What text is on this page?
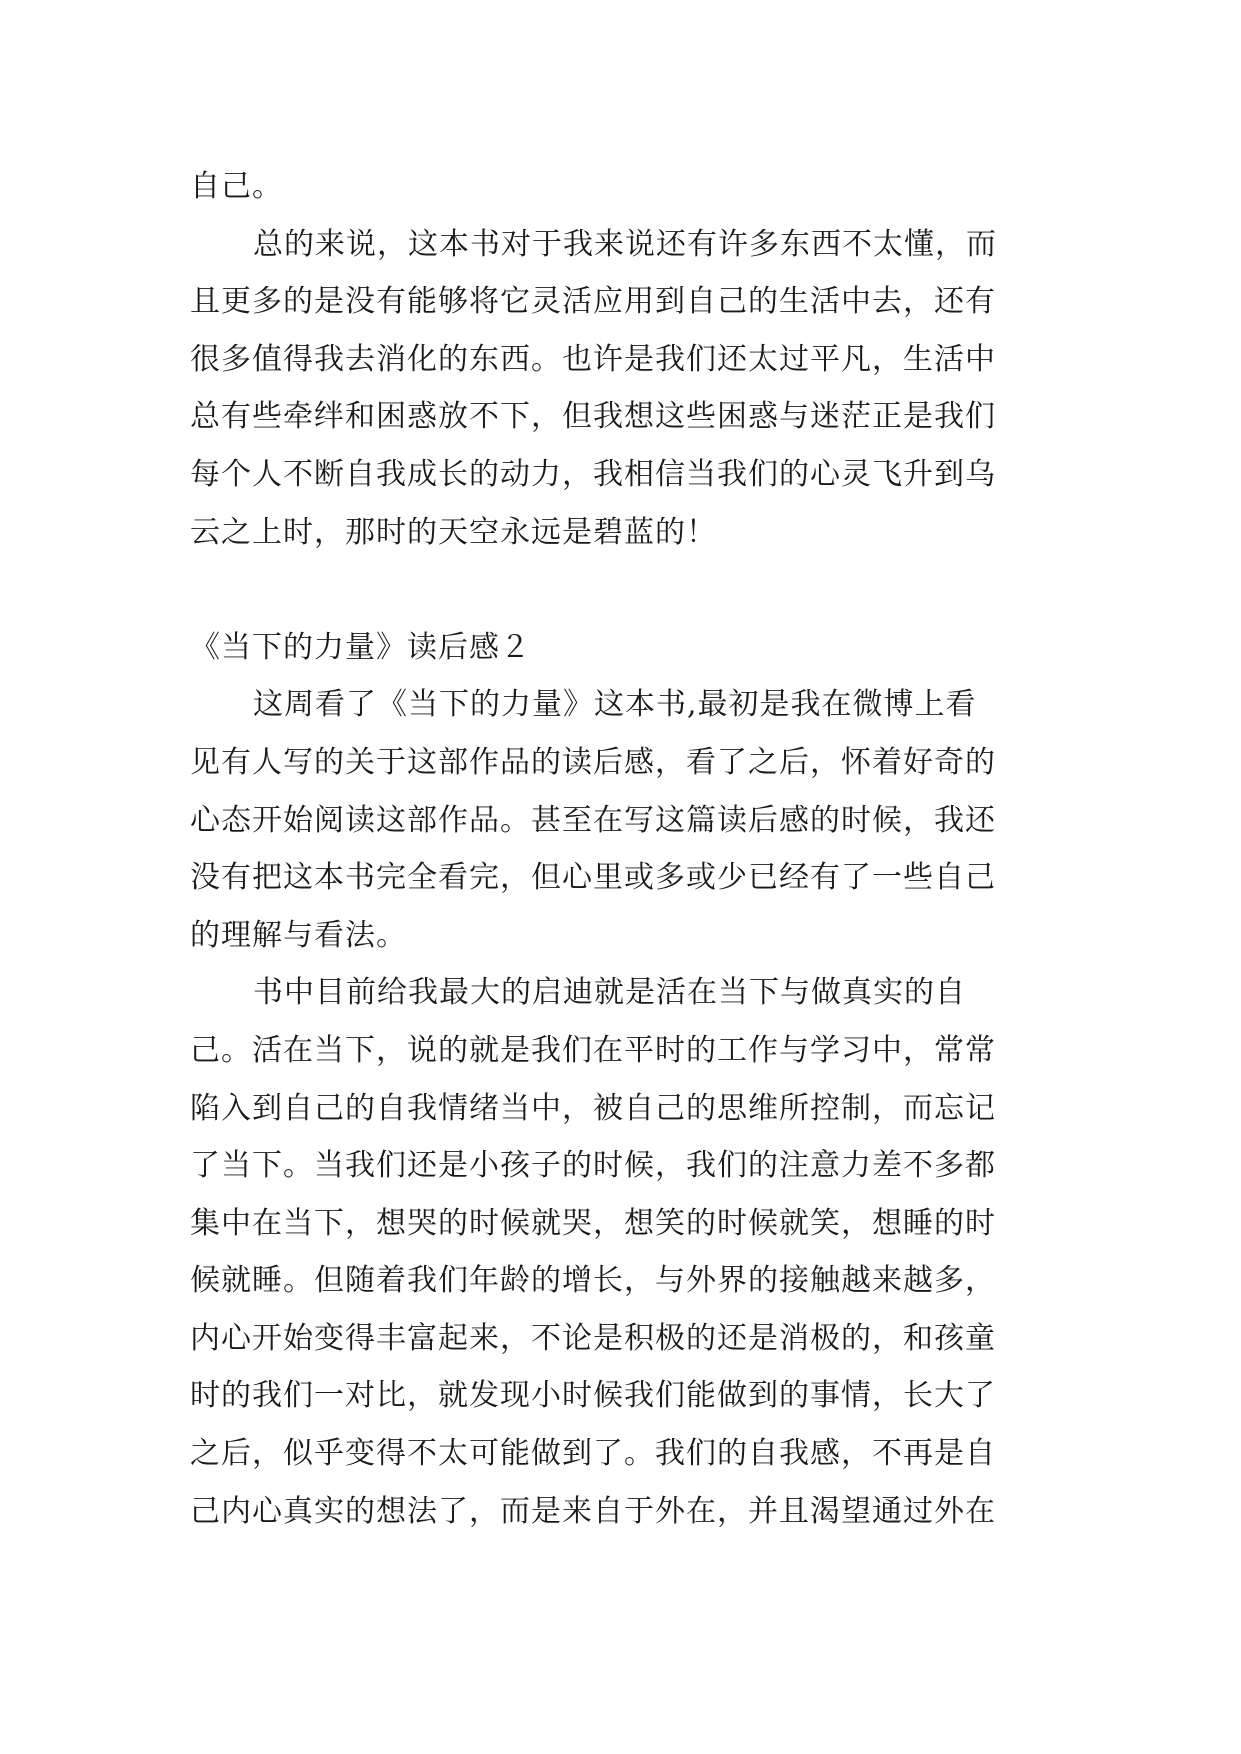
自己。
总的来说，这本书对于我来说还有许多东西不太懂，而
且更多的是没有能够将它灵活应用到自己的生活中去，还有
很多值得我去消化的东西。也许是我们还太过平凡，生活中
总有些牵绊和困惑放不下，但我想这些困惑与迷茫正是我们
每个人不断自我成长的动力，我相信当我们的心灵飞升到乌
云之上时，那时的天空永远是碧蓝的！
《当下的力量》读后感２
这周看了《当下的力量》这本书,最初是我在微博上看
见有人写的关于这部作品的读后感，看了之后，怀着好奇的
心态开始阅读这部作品。甚至在写这篇读后感的时候，我还
没有把这本书完全看完，但心里或多或少已经有了一些自己
的理解与看法。
书中目前给我最大的启迪就是活在当下与做真实的自
己。活在当下，说的就是我们在平时的工作与学习中，常常
陷入到自己的自我情绪当中，被自己的思维所控制，而忘记
了当下。当我们还是小孩子的时候，我们的注意力差不多都
集中在当下，想哭的时候就哭，想笑的时候就笑，想睡的时
候就睡。但随着我们年龄的增长，与外界的接触越来越多，
内心开始变得丰富起来，不论是积极的还是消极的，和孩童
时的我们一对比，就发现小时候我们能做到的事情，长大了
之后，似乎变得不太可能做到了。我们的自我感，不再是自
己内心真实的想法了，而是来自于外在，并且渴望通过外在
